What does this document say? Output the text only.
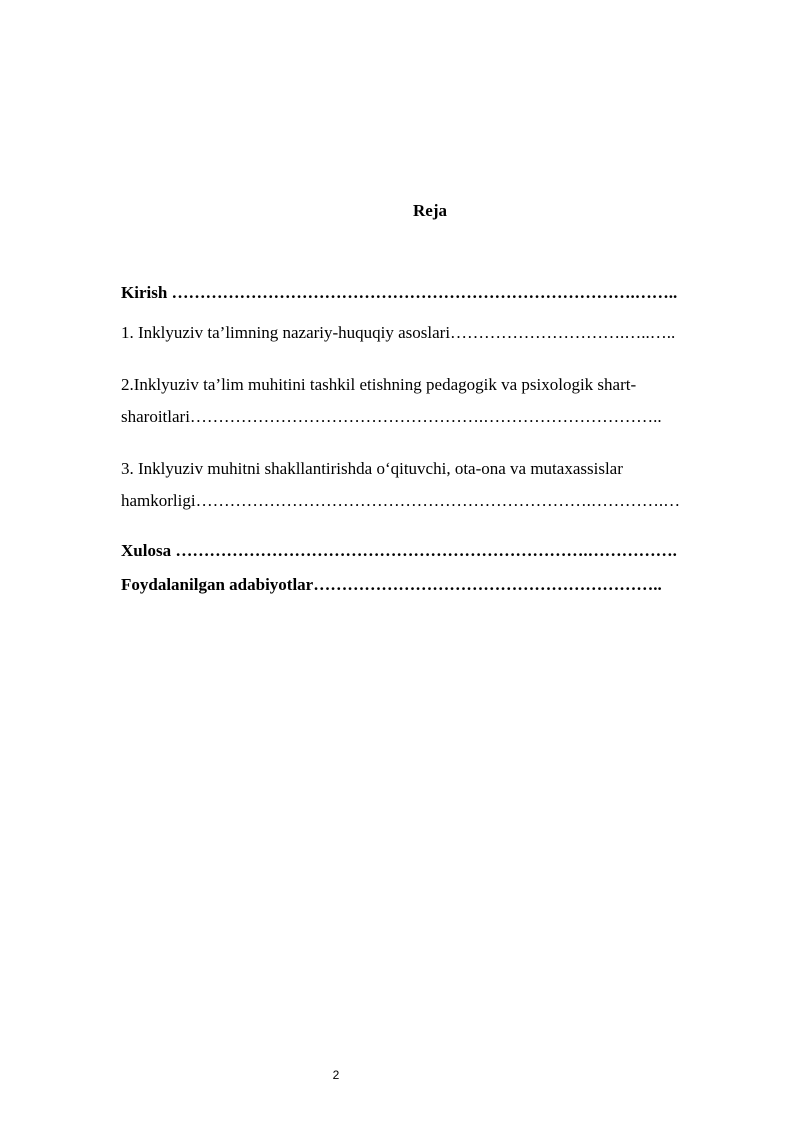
Reja
Kirish ……………………………………………………………………….……..
1. Inklyuziv ta’limning nazariy-huquqiy asoslari………………………….…..…..
2.Inklyuziv ta’lim muhitini tashkil etishning pedagogik va psixologik shart-
sharoitlari…………………………………………….…………………………..
3. Inklyuziv muhitni shakllantirishda o‘qituvchi, ota-ona va mutaxassislar
hamkorligi…………………………………………………………….………….…
Xulosa ……………………………………………………………….…………….
Foydalanilgan adabiyotlar……………………………………………………..
2
